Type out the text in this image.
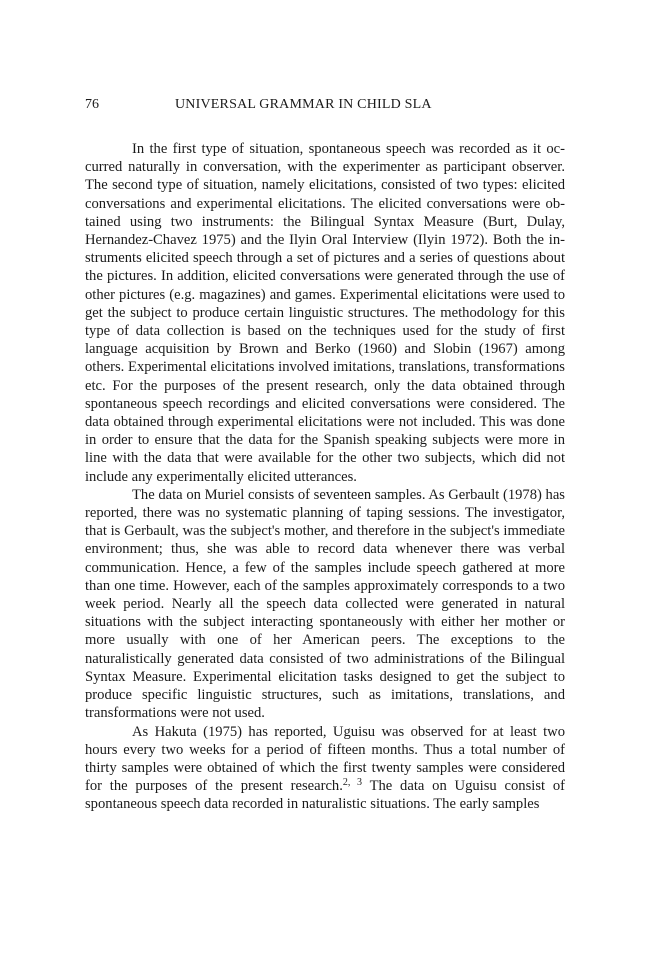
76	UNIVERSAL GRAMMAR IN CHILD SLA

In the first type of situation, spontaneous speech was recorded as it occurred naturally in conversation, with the experimenter as participant observer. The second type of situation, namely elicitations, consisted of two types: elicited conversations and experimental elicitations. The elicited conversations were obtained using two instruments: the Bilingual Syntax Measure (Burt, Dulay, Hernandez-Chavez 1975) and the Ilyin Oral Interview (Ilyin 1972). Both the instruments elicited speech through a set of pictures and a series of questions about the pictures. In addition, elicited conversations were generated through the use of other pictures (e.g. magazines) and games. Experimental elicitations were used to get the subject to produce certain linguistic structures. The methodology for this type of data collection is based on the techniques used for the study of first language acquisition by Brown and Berko (1960) and Slobin (1967) among others. Experimental elicitations involved imitations, translations, transformations etc. For the purposes of the present research, only the data obtained through spontaneous speech recordings and elicited conversations were considered. The data obtained through experimental elicitations were not included. This was done in order to ensure that the data for the Spanish speaking subjects were more in line with the data that were available for the other two subjects, which did not include any experimentally elicited utterances.

The data on Muriel consists of seventeen samples. As Gerbault (1978) has reported, there was no systematic planning of taping sessions. The investigator, that is Gerbault, was the subject's mother, and therefore in the subject's immediate environment; thus, she was able to record data whenever there was verbal communication. Hence, a few of the samples include speech gathered at more than one time. However, each of the samples approximately corresponds to a two week period. Nearly all the speech data collected were generated in natural situations with the subject interacting spontaneously with either her mother or more usually with one of her American peers. The exceptions to the naturalistically generated data consisted of two administrations of the Bilingual Syntax Measure. Experimental elicitation tasks designed to get the subject to produce specific linguistic structures, such as imitations, translations, and transformations were not used.

As Hakuta (1975) has reported, Uguisu was observed for at least two hours every two weeks for a period of fifteen months. Thus a total number of thirty samples were obtained of which the first twenty samples were considered for the purposes of the present research.$^{2, 3}$ The data on Uguisu consist of spontaneous speech data recorded in naturalistic situations. The early samples
